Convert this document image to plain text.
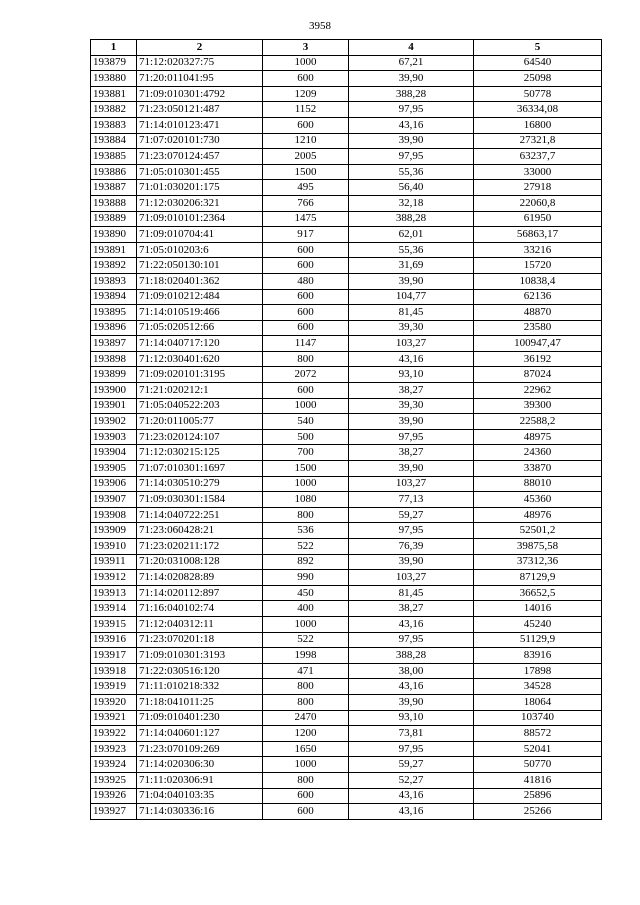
3958
1	2	3	4	5
193879	71:12:020327:75	1000	67,21	64540
193880	71:20:011041:95	600	39,90	25098
193881	71:09:010301:4792	1209	388,28	50778
193882	71:23:050121:487	1152	97,95	36334,08
193883	71:14:010123:471	600	43,16	16800
193884	71:07:020101:730	1210	39,90	27321,8
193885	71:23:070124:457	2005	97,95	63237,7
193886	71:05:010301:455	1500	55,36	33000
193887	71:01:030201:175	495	56,40	27918
193888	71:12:030206:321	766	32,18	22060,8
193889	71:09:010101:2364	1475	388,28	61950
193890	71:09:010704:41	917	62,01	56863,17
193891	71:05:010203:6	600	55,36	33216
193892	71:22:050130:101	600	31,69	15720
193893	71:18:020401:362	480	39,90	10838,4
193894	71:09:010212:484	600	104,77	62136
193895	71:14:010519:466	600	81,45	48870
193896	71:05:020512:66	600	39,30	23580
193897	71:14:040717:120	1147	103,27	100947,47
193898	71:12:030401:620	800	43,16	36192
193899	71:09:020101:3195	2072	93,10	87024
193900	71:21:020212:1	600	38,27	22962
193901	71:05:040522:203	1000	39,30	39300
193902	71:20:011005:77	540	39,90	22588,2
193903	71:23:020124:107	500	97,95	48975
193904	71:12:030215:125	700	38,27	24360
193905	71:07:010301:1697	1500	39,90	33870
193906	71:14:030510:279	1000	103,27	88010
193907	71:09:030301:1584	1080	77,13	45360
193908	71:14:040722:251	800	59,27	48976
193909	71:23:060428:21	536	97,95	52501,2
193910	71:23:020211:172	522	76,39	39875,58
193911	71:20:031008:128	892	39,90	37312,36
193912	71:14:020828:89	990	103,27	87129,9
193913	71:14:020112:897	450	81,45	36652,5
193914	71:16:040102:74	400	38,27	14016
193915	71:12:040312:11	1000	43,16	45240
193916	71:23:070201:18	522	97,95	51129,9
193917	71:09:010301:3193	1998	388,28	83916
193918	71:22:030516:120	471	38,00	17898
193919	71:11:010218:332	800	43,16	34528
193920	71:18:041011:25	800	39,90	18064
193921	71:09:010401:230	2470	93,10	103740
193922	71:14:040601:127	1200	73,81	88572
193923	71:23:070109:269	1650	97,95	52041
193924	71:14:020306:30	1000	59,27	50770
193925	71:11:020306:91	800	52,27	41816
193926	71:04:040103:35	600	43,16	25896
193927	71:14:030336:16	600	43,16	25266
